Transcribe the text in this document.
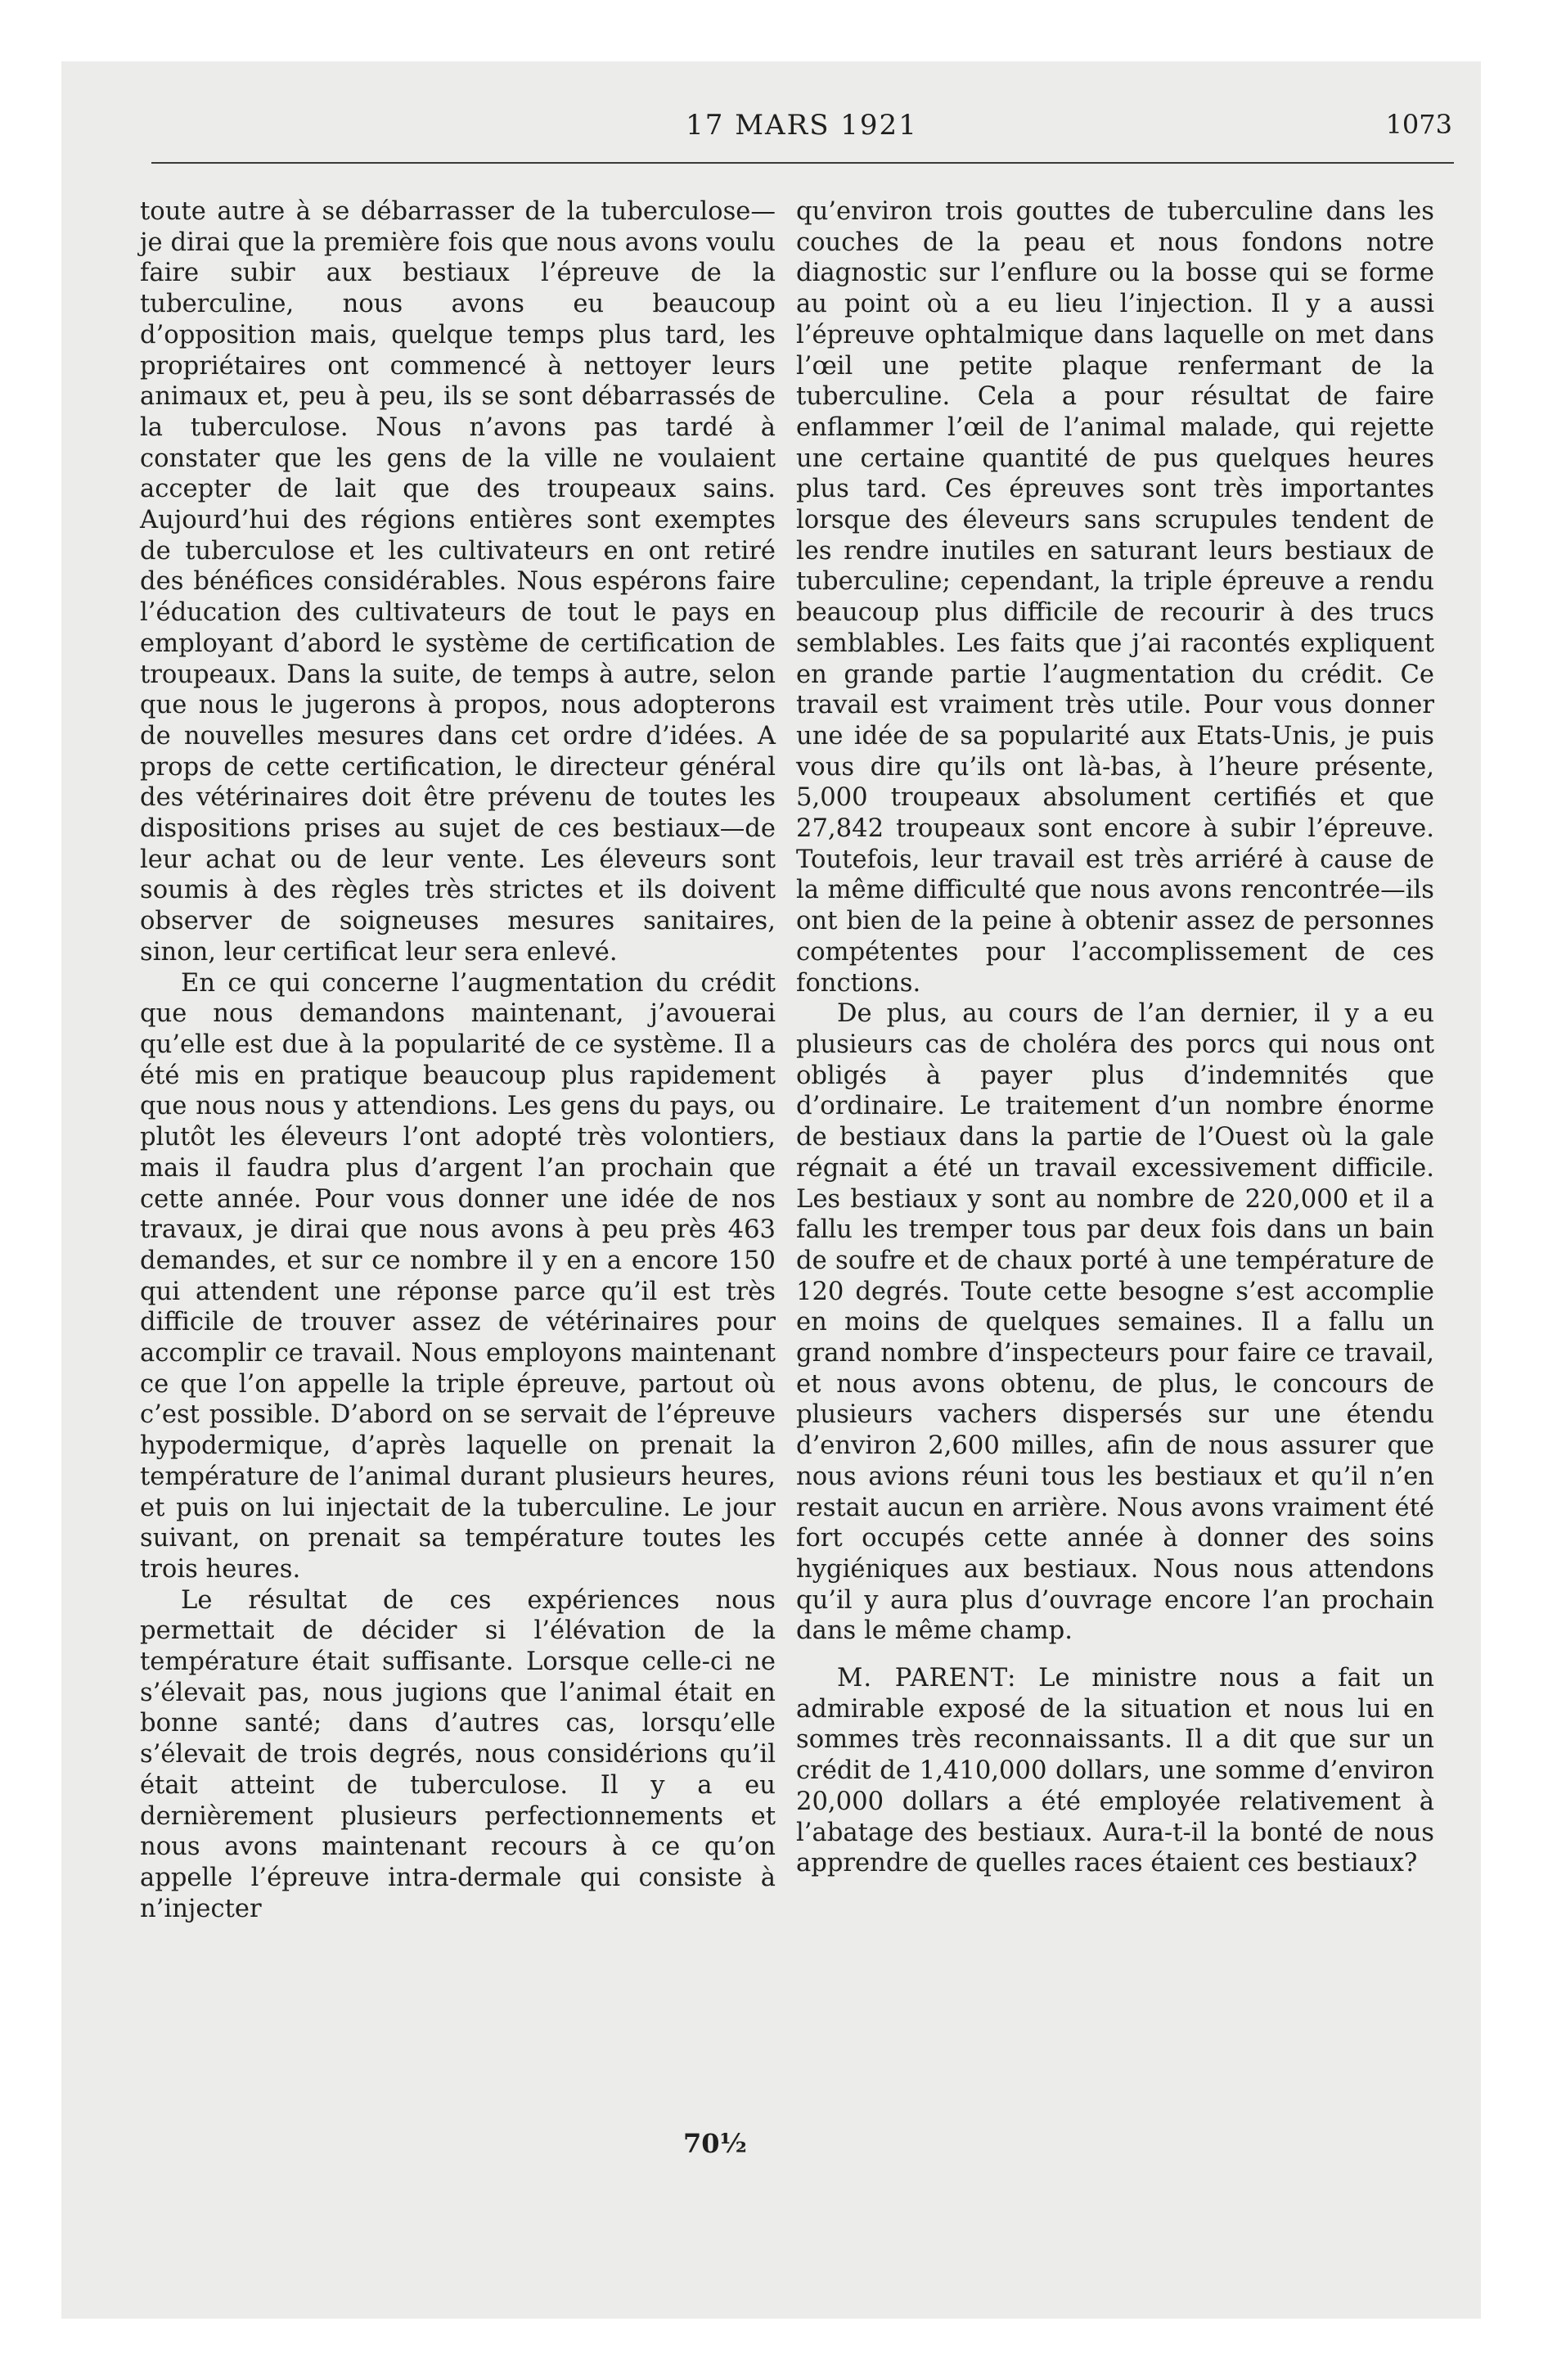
17 MARS 1921	1073

toute autre à se débarrasser de la tuberculose—je dirai que la première fois que nous avons voulu faire subir aux bestiaux l’épreuve de la tuberculine, nous avons eu beaucoup d’opposition mais, quelque temps plus tard, les propriétaires ont commencé à nettoyer leurs animaux et, peu à peu, ils se sont débarrassés de la tuberculose. Nous n’avons pas tardé à constater que les gens de la ville ne voulaient accepter de lait que des troupeaux sains. Aujourd’hui des régions entières sont exemptes de tuberculose et les cultivateurs en ont retiré des bénéfices considérables. Nous espérons faire l’éducation des cultivateurs de tout le pays en employant d’abord le système de certification de troupeaux. Dans la suite, de temps à autre, selon que nous le jugerons à propos, nous adopterons de nouvelles mesures dans cet ordre d’idées. A props de cette certification, le directeur général des vétérinaires doit être prévenu de toutes les dispositions prises au sujet de ces bestiaux—de leur achat ou de leur vente. Les éleveurs sont soumis à des règles très strictes et ils doivent observer de soigneuses mesures sanitaires, sinon, leur certificat leur sera enlevé.

En ce qui concerne l’augmentation du crédit que nous demandons maintenant, j’avouerai qu’elle est due à la popularité de ce système. Il a été mis en pratique beaucoup plus rapidement que nous nous y attendions. Les gens du pays, ou plutôt les éleveurs l’ont adopté très volontiers, mais il faudra plus d’argent l’an prochain que cette année. Pour vous donner une idée de nos travaux, je dirai que nous avons à peu près 463 demandes, et sur ce nombre il y en a encore 150 qui attendent une réponse parce qu’il est très difficile de trouver assez de vétérinaires pour accomplir ce travail. Nous employons maintenant ce que l’on appelle la triple épreuve, partout où c’est possible. D’abord on se servait de l’épreuve hypodermique, d’après laquelle on prenait la température de l’animal durant plusieurs heures, et puis on lui injectait de la tuberculine. Le jour suivant, on prenait sa température toutes les trois heures.

Le résultat de ces expériences nous permettait de décider si l’élévation de la température était suffisante. Lorsque celle-ci ne s’élevait pas, nous jugions que l’animal était en bonne santé; dans d’autres cas, lorsqu’elle s’élevait de trois degrés, nous considérions qu’il était atteint de tuberculose. Il y a eu dernièrement plusieurs perfectionnements et nous avons maintenant recours à ce qu’on appelle l’épreuve intra-dermale qui consiste à n’injecter

70½

qu’environ trois gouttes de tuberculine dans les couches de la peau et nous fondons notre diagnostic sur l’enflure ou la bosse qui se forme au point où a eu lieu l’injection. Il y a aussi l’épreuve ophtalmique dans laquelle on met dans l’œil une petite plaque renfermant de la tuberculine. Cela a pour résultat de faire enflammer l’œil de l’animal malade, qui rejette une certaine quantité de pus quelques heures plus tard. Ces épreuves sont très importantes lorsque des éleveurs sans scrupules tendent de les rendre inutiles en saturant leurs bestiaux de tuberculine; cependant, la triple épreuve a rendu beaucoup plus difficile de recourir à des trucs semblables. Les faits que j’ai racontés expliquent en grande partie l’augmentation du crédit. Ce travail est vraiment très utile. Pour vous donner une idée de sa popularité aux Etats-Unis, je puis vous dire qu’ils ont là-bas, à l’heure présente, 5,000 troupeaux absolument certifiés et que 27,842 troupeaux sont encore à subir l’épreuve. Toutefois, leur travail est très arriéré à cause de la même difficulté que nous avons rencontrée—ils ont bien de la peine à obtenir assez de personnes compétentes pour l’accomplissement de ces fonctions.

De plus, au cours de l’an dernier, il y a eu plusieurs cas de choléra des porcs qui nous ont obligés à payer plus d’indemnités que d’ordinaire. Le traitement d’un nombre énorme de bestiaux dans la partie de l’Ouest où la gale régnait a été un travail excessivement difficile. Les bestiaux y sont au nombre de 220,000 et il a fallu les tremper tous par deux fois dans un bain de soufre et de chaux porté à une température de 120 degrés. Toute cette besogne s’est accomplie en moins de quelques semaines. Il a fallu un grand nombre d’inspecteurs pour faire ce travail, et nous avons obtenu, de plus, le concours de plusieurs vachers dispersés sur une étendu d’environ 2,600 milles, afin de nous assurer que nous avions réuni tous les bestiaux et qu’il n’en restait aucun en arrière. Nous avons vraiment été fort occupés cette année à donner des soins hygiéniques aux bestiaux. Nous nous attendons qu’il y aura plus d’ouvrage encore l’an prochain dans le même champ.

M. PARENT: Le ministre nous a fait un admirable exposé de la situation et nous lui en sommes très reconnaissants. Il a dit que sur un crédit de 1,410,000 dollars, une somme d’environ 20,000 dollars a été employée relativement à l’abatage des bestiaux. Aura-t-il la bonté de nous apprendre de quelles races étaient ces bestiaux?
